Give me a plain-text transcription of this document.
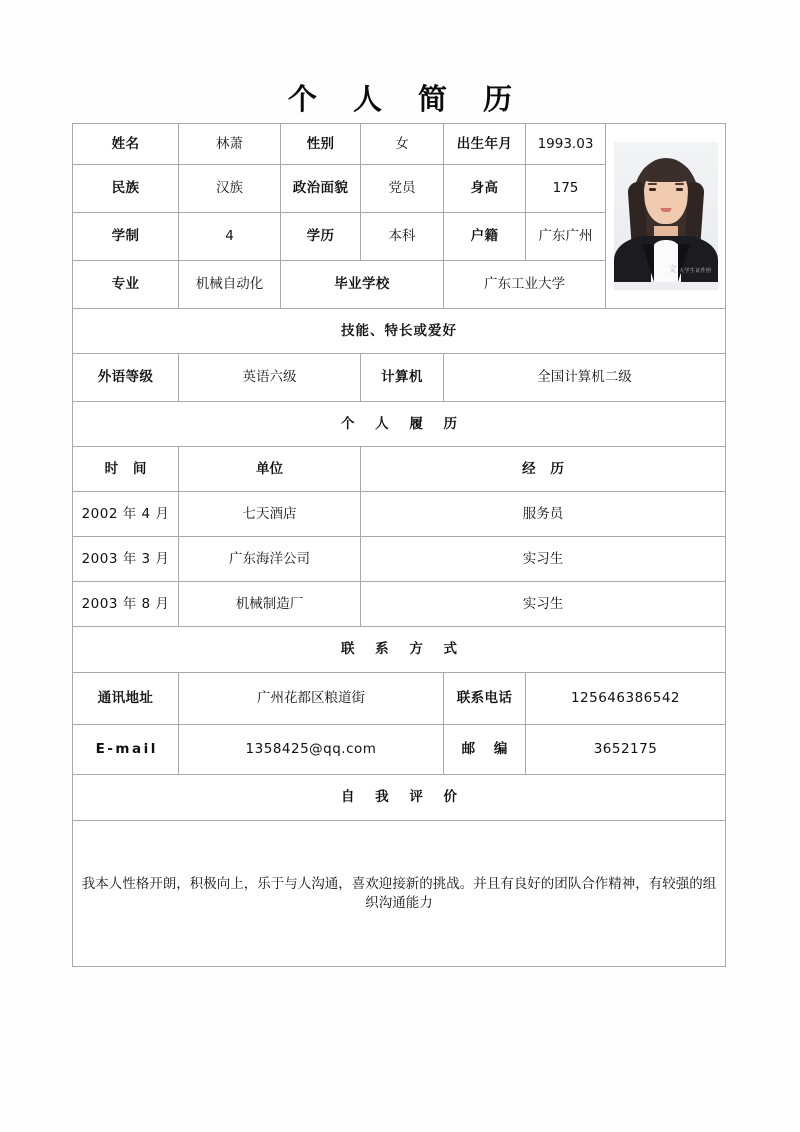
个 人 简 历
姓名	林萧	性别	女	出生年月	1993.03	文 大学生证件照

民族	汉族	政治面貌	党员	身高	175	
学制	4	学历	本科	户籍	广东广州	
专业	机械自动化	毕业学校		广东工业大学		
技能、特长或爱好						
外语等级	英语六级		计算机	全国计算机二级		
个 人 履 历						
时 间	单位		经 历			
2002 年 4 月	七天酒店		服务员			
2003 年 3 月	广东海洋公司		实习生			
2003 年 8 月	机械制造厂		实习生			
联 系 方 式						
通讯地址	广州花都区粮道街			联系电话	125646386542	
E-mail	1358425@qq.com			邮 编	3652175	
自 我 评 价						
我本人性格开朗，积极向上，乐于与人沟通，喜欢迎接新的挑战。并且有良好的团队合作精神，有较强的组织沟通能力						
